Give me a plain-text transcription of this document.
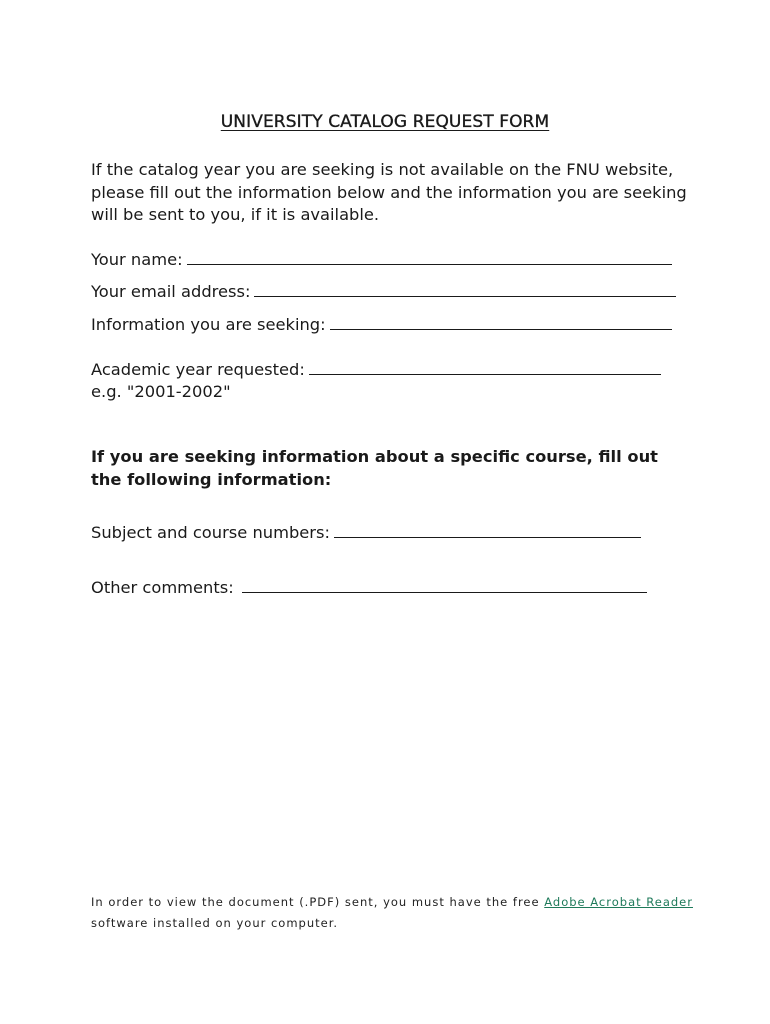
UNIVERSITY CATALOG REQUEST FORM
If the catalog year you are seeking is not available on the FNU website, please fill out the information below and the information you are seeking will be sent to you, if it is available.
Your name:
Your email address:
Information you are seeking:
Academic year requested:
e.g. "2001-2002"
If you are seeking information about a specific course, fill out the following information:
Subject and course numbers:
Other comments:
In order to view the document (.PDF) sent, you must have the free Adobe Acrobat Reader software installed on your computer.
